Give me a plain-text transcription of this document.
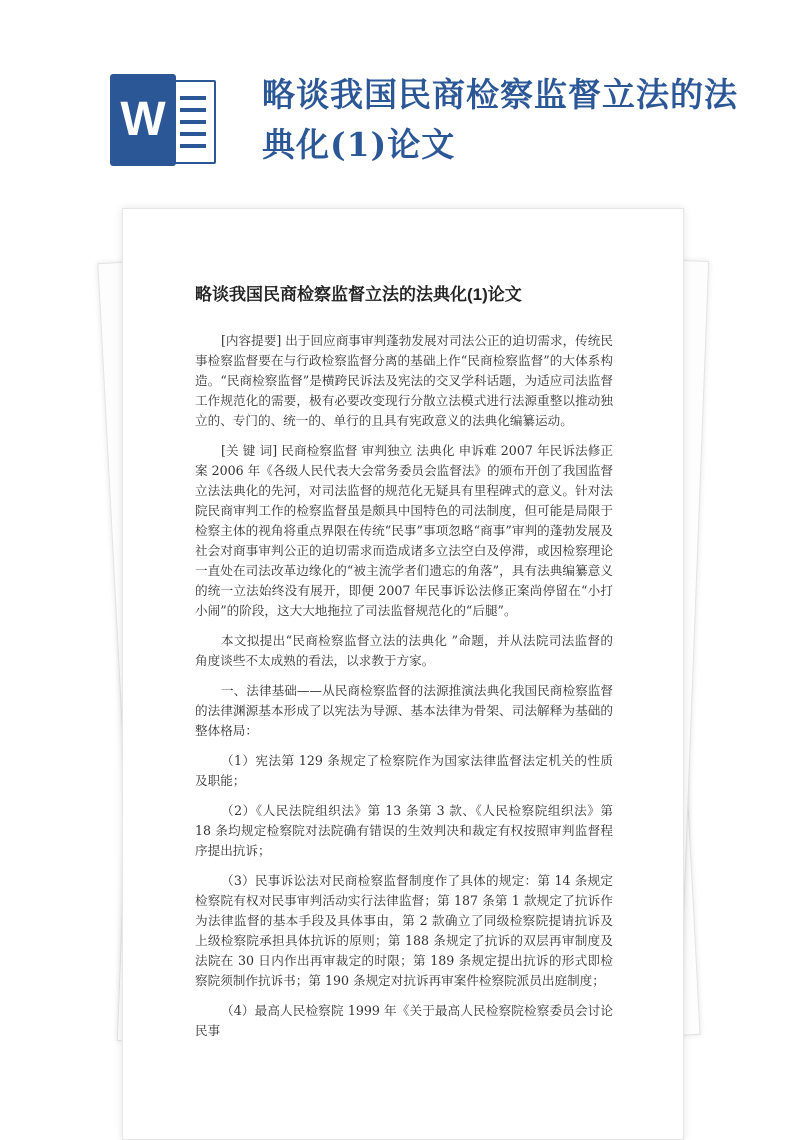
W	略谈我国民商检察监督立法的法典化(1)论文
略谈我国民商检察监督立法的法典化(1)论文

[内容提要] 出于回应商事审判蓬勃发展对司法公正的迫切需求，传统民事检察监督要在与行政检察监督分离的基础上作“民商检察监督”的大体系构造。“民商检察监督”是横跨民诉法及宪法的交叉学科话题，为适应司法监督工作规范化的需要，极有必要改变现行分散立法模式进行法源重整以推动独立的、专门的、统一的、单行的且具有宪政意义的法典化编纂运动。

[关 键 词] 民商检察监督 审判独立 法典化 申诉难 2007 年民诉法修正案 2006 年《各级人民代表大会常务委员会监督法》的颁布开创了我国监督立法法典化的先河，对司法监督的规范化无疑具有里程碑式的意义。针对法院民商审判工作的检察监督虽是颇具中国特色的司法制度，但可能是局限于检察主体的视角将重点界限在传统“民事”事项忽略“商事”审判的蓬勃发展及社会对商事审判公正的迫切需求而造成诸多立法空白及停滞，或因检察理论一直处在司法改革边缘化的“被主流学者们遗忘的角落”，具有法典编纂意义的统一立法始终没有展开，即便 2007 年民事诉讼法修正案尚停留在“小打小闹”的阶段，这大大地拖拉了司法监督规范化的“后腿”。

本文拟提出“民商检察监督立法的法典化 ”命题，并从法院司法监督的角度谈些不太成熟的看法，以求教于方家。

一、法律基础——从民商检察监督的法源推演法典化我国民商检察监督的法律渊源基本形成了以宪法为导源、基本法律为骨架、司法解释为基础的整体格局：

（1）宪法第 129 条规定了检察院作为国家法律监督法定机关的性质及职能；

（2）《人民法院组织法》第 13 条第 3 款、《人民检察院组织法》第 18 条均规定检察院对法院确有错误的生效判决和裁定有权按照审判监督程序提出抗诉；

（3）民事诉讼法对民商检察监督制度作了具体的规定：第 14 条规定检察院有权对民事审判活动实行法律监督；第 187 条第 1 款规定了抗诉作为法律监督的基本手段及具体事由，第 2 款确立了同级检察院提请抗诉及上级检察院承担具体抗诉的原则；第 188 条规定了抗诉的双层再审制度及法院在 30 日内作出再审裁定的时限；第 189 条规定提出抗诉的形式即检察院须制作抗诉书；第 190 条规定对抗诉再审案件检察院派员出庭制度；

（4）最高人民检察院 1999 年《关于最高人民检察院检察委员会讨论民事
